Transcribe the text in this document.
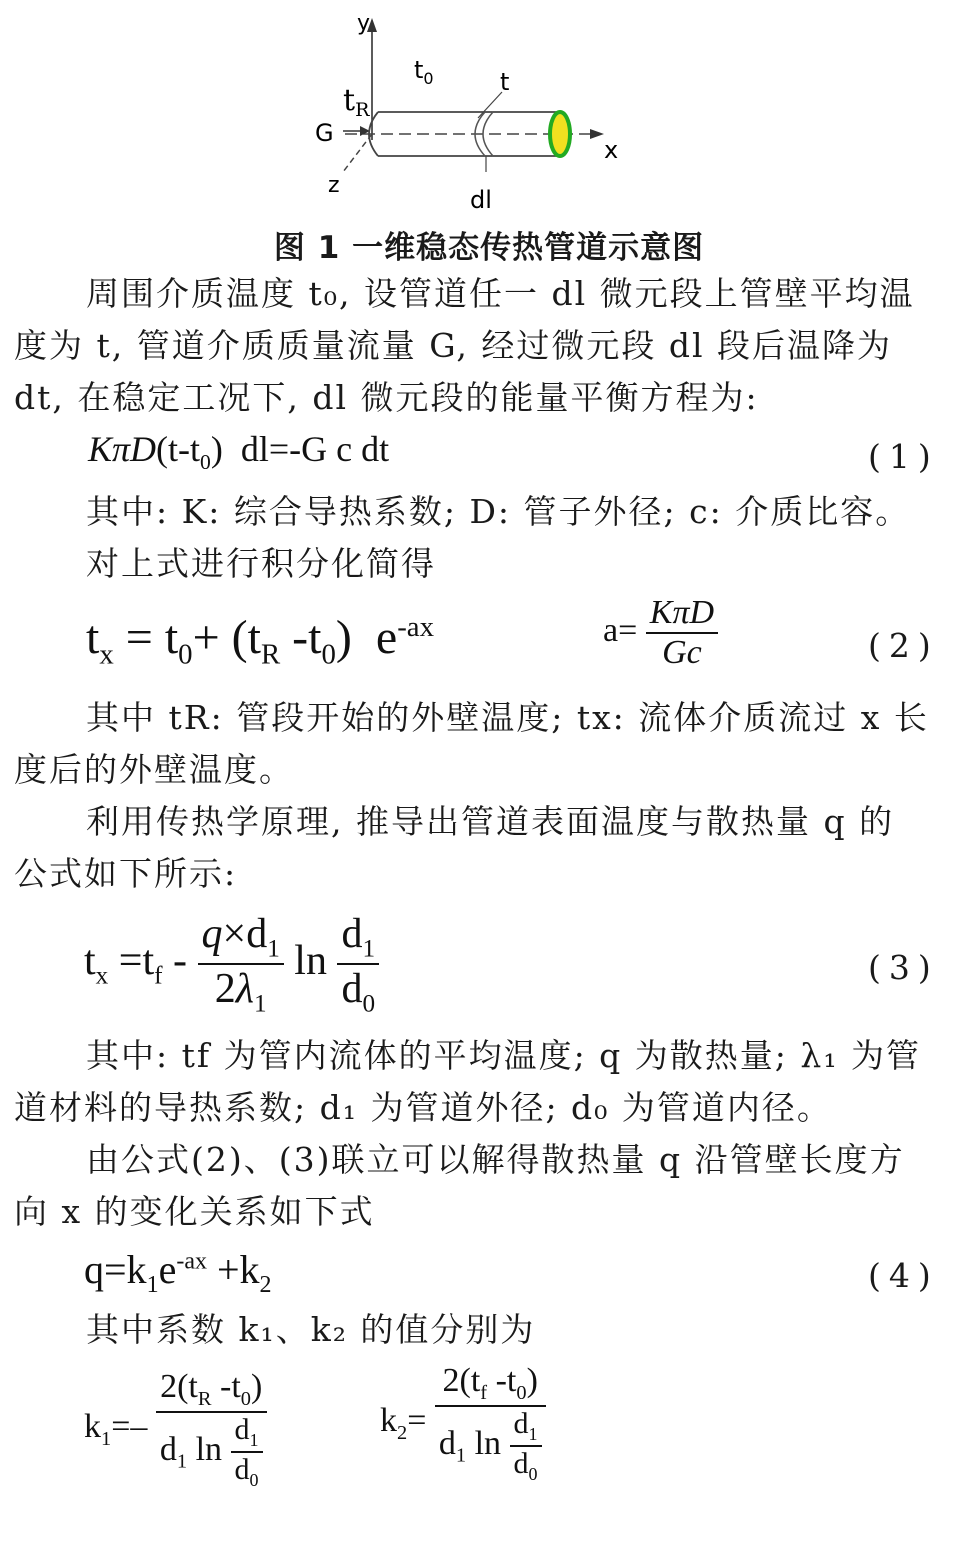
y
$t_0$
$t_R$
t
G
x
z
dl
图 1 一维稳态传热管道示意图
周围介质温度 t₀, 设管道任一 dl 微元段上管壁平均温
度为 t, 管道介质质量流量 G, 经过微元段 dl 段后温降为
dt, 在稳定工况下, dl 微元段的能量平衡方程为:
$K\pi D(t-t_0)$  dl=-G c dt	(1)
其中: K: 综合导热系数; D: 管子外径; c: 介质比容。
对上式进行积分化简得
$t_x = t_0+ (t_R$ $-t_0$)  $e^{-ax}$	$a= \frac{\text{KπD}}{Gc}$	(2)
其中 tR: 管段开始的外壁温度; tx: 流体介质流过 x 长
度后的外壁温度。
利用传热学原理, 推导出管道表面温度与散热量 q 的
公式如下所示:
$t_x =t_f - \frac{q\times d_1}{2\lambda_1}$ $\ln \frac{d_1}{d_0}$	(3)
其中: tf 为管内流体的平均温度; q 为散热量; λ₁ 为管
道材料的导热系数; d₁ 为管道外径; d₀ 为管道内径。
由公式(2)、(3)联立可以解得散热量 q 沿管壁长度方
向 x 的变化关系如下式
$q=k_1e^{-ax} +k_2$	(4)
其中系数 k₁、k₂ 的值分别为
$k_1=- \frac{2(t_R -t_0)}{d_1 \ln \frac{d_1}{d_0}}$	$k_2= \frac{2(t_f -t_0)}{d_1 \ln \frac{d_1}{d_0}}$
